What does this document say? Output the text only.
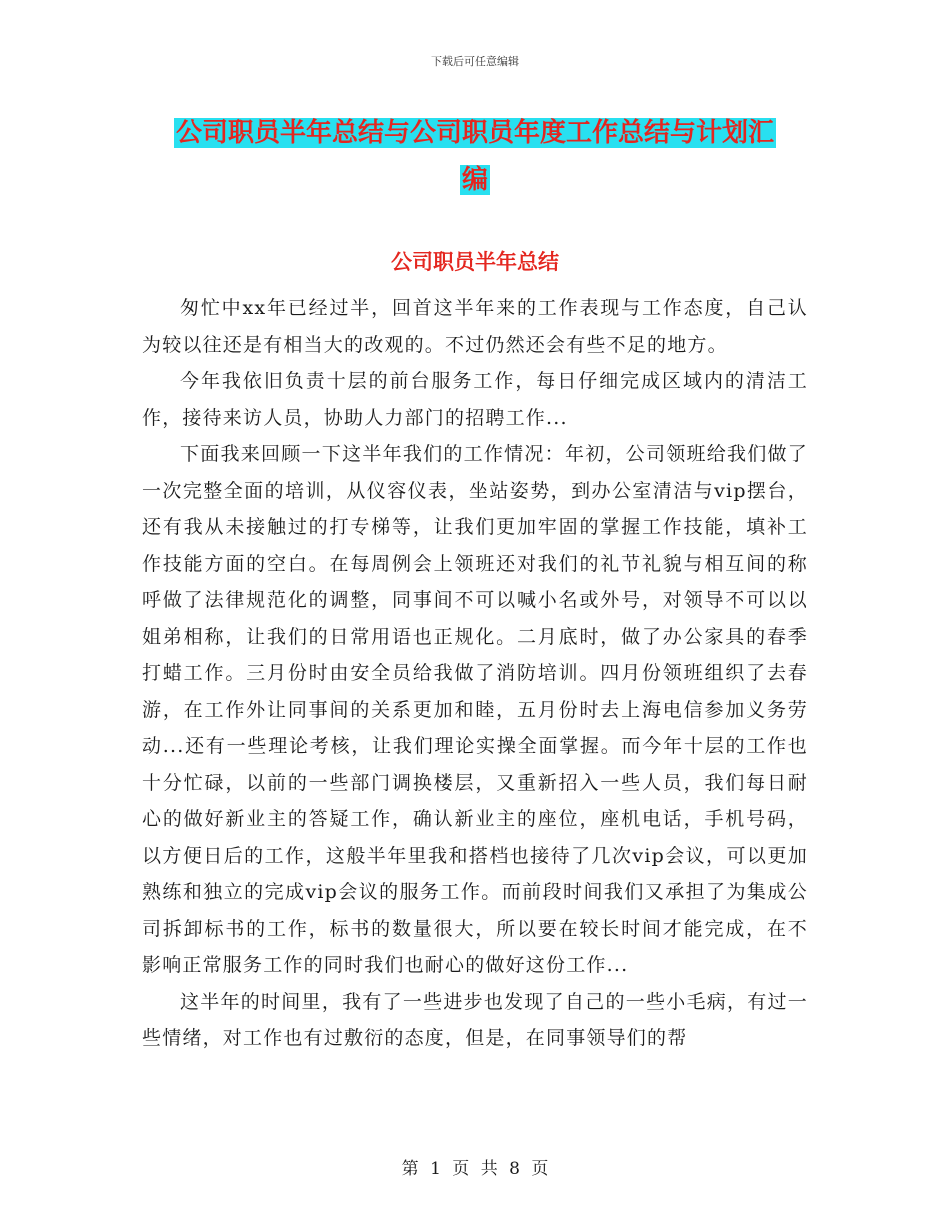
下载后可任意编辑
公司职员半年总结与公司职员年度工作总结与计划汇
编
公司职员半年总结

匆忙中xx年已经过半，回首这半年来的工作表现与工作态度，自己认为较以往还是有相当大的改观的。不过仍然还会有些不足的地方。

今年我依旧负责十层的前台服务工作，每日仔细完成区域内的清洁工作，接待来访人员，协助人力部门的招聘工作...

下面我来回顾一下这半年我们的工作情况：年初，公司领班给我们做了一次完整全面的培训，从仪容仪表，坐站姿势，到办公室清洁与vip摆台，还有我从未接触过的打专梯等，让我们更加牢固的掌握工作技能，填补工作技能方面的空白。在每周例会上领班还对我们的礼节礼貌与相互间的称呼做了法律规范化的调整，同事间不可以喊小名或外号，对领导不可以以姐弟相称，让我们的日常用语也正规化。二月底时，做了办公家具的春季打蜡工作。三月份时由安全员给我做了消防培训。四月份领班组织了去春游，在工作外让同事间的关系更加和睦，五月份时去上海电信参加义务劳动...还有一些理论考核，让我们理论实操全面掌握。而今年十层的工作也十分忙碌，以前的一些部门调换楼层，又重新招入一些人员，我们每日耐心的做好新业主的答疑工作，确认新业主的座位，座机电话，手机号码，以方便日后的工作，这般半年里我和搭档也接待了几次vip会议，可以更加熟练和独立的完成vip会议的服务工作。而前段时间我们又承担了为集成公司拆卸标书的工作，标书的数量很大，所以要在较长时间才能完成，在不影响正常服务工作的同时我们也耐心的做好这份工作...

这半年的时间里，我有了一些进步也发现了自己的一些小毛病，有过一些情绪，对工作也有过敷衍的态度，但是，在同事领导们的帮

第 1 页 共 8 页
